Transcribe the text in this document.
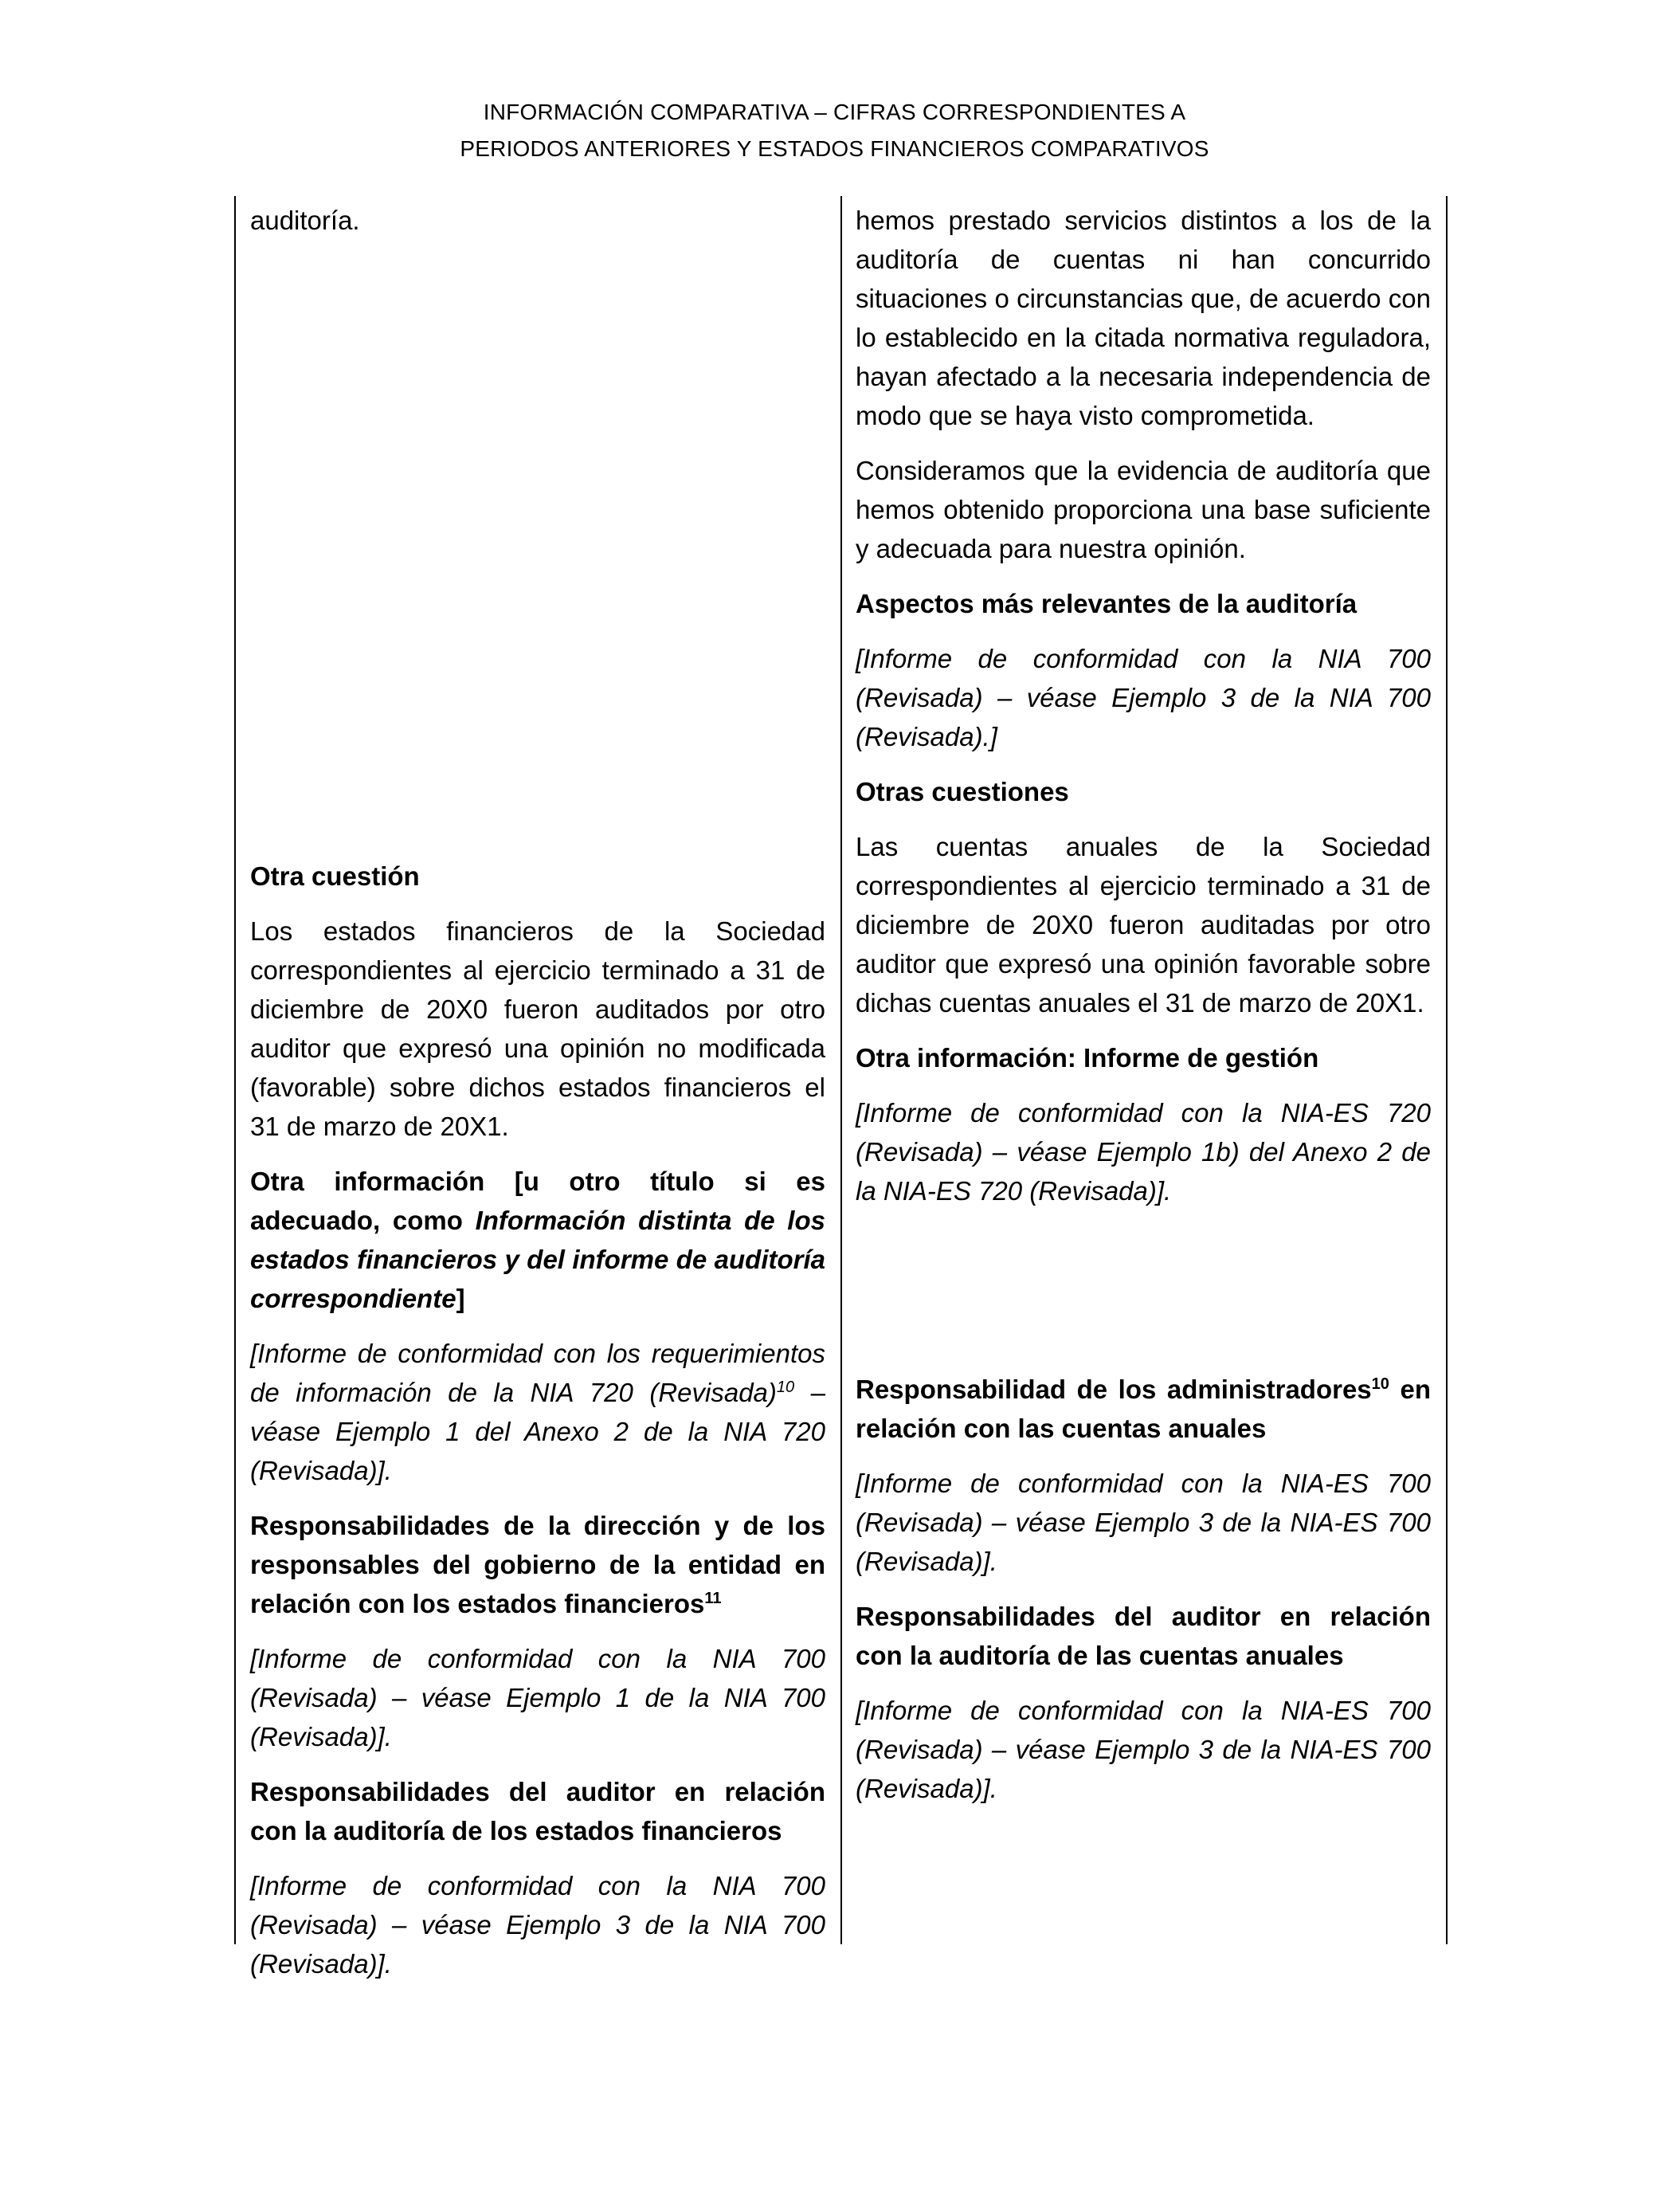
INFORMACIÓN COMPARATIVA – CIFRAS CORRESPONDIENTES A
PERIODOS ANTERIORES Y ESTADOS FINANCIEROS COMPARATIVOS

auditoría.

Otra cuestión

Los estados financieros de la Sociedad correspondientes al ejercicio terminado a 31 de diciembre de 20X0 fueron auditados por otro auditor que expresó una opinión no modificada (favorable) sobre dichos estados financieros el 31 de marzo de 20X1.

Otra información [u otro título si es adecuado, como Información distinta de los estados financieros y del informe de auditoría correspondiente]

[Informe de conformidad con los requerimientos de información de la NIA 720 (Revisada)$^{10}$ – véase Ejemplo 1 del Anexo 2 de la NIA 720 (Revisada)].

Responsabilidades de la dirección y de los responsables del gobierno de la entidad en relación con los estados financieros$^{11}$

[Informe de conformidad con la NIA 700 (Revisada) – véase Ejemplo 1 de la NIA 700 (Revisada)].

Responsabilidades del auditor en relación con la auditoría de los estados financieros

[Informe de conformidad con la NIA 700 (Revisada) – véase Ejemplo 3 de la NIA 700 (Revisada)].

hemos prestado servicios distintos a los de la auditoría de cuentas ni han concurrido situaciones o circunstancias que, de acuerdo con lo establecido en la citada normativa reguladora, hayan afectado a la necesaria independencia de modo que se haya visto comprometida.

Consideramos que la evidencia de auditoría que hemos obtenido proporciona una base suficiente y adecuada para nuestra opinión.

Aspectos más relevantes de la auditoría

[Informe de conformidad con la NIA 700 (Revisada) – véase Ejemplo 3 de la NIA 700 (Revisada).]

Otras cuestiones

Las cuentas anuales de la Sociedad correspondientes al ejercicio terminado a 31 de diciembre de 20X0 fueron auditadas por otro auditor que expresó una opinión favorable sobre dichas cuentas anuales el 31 de marzo de 20X1.

Otra información: Informe de gestión

[Informe de conformidad con la NIA-ES 720 (Revisada) – véase Ejemplo 1b) del Anexo 2 de la NIA-ES 720 (Revisada)].

Responsabilidad de los administradores$^{10}$ en relación con las cuentas anuales

[Informe de conformidad con la NIA-ES 700 (Revisada) – véase Ejemplo 3 de la NIA-ES 700 (Revisada)].

Responsabilidades del auditor en relación con la auditoría de las cuentas anuales

[Informe de conformidad con la NIA-ES 700 (Revisada) – véase Ejemplo 3 de la NIA-ES 700 (Revisada)].
